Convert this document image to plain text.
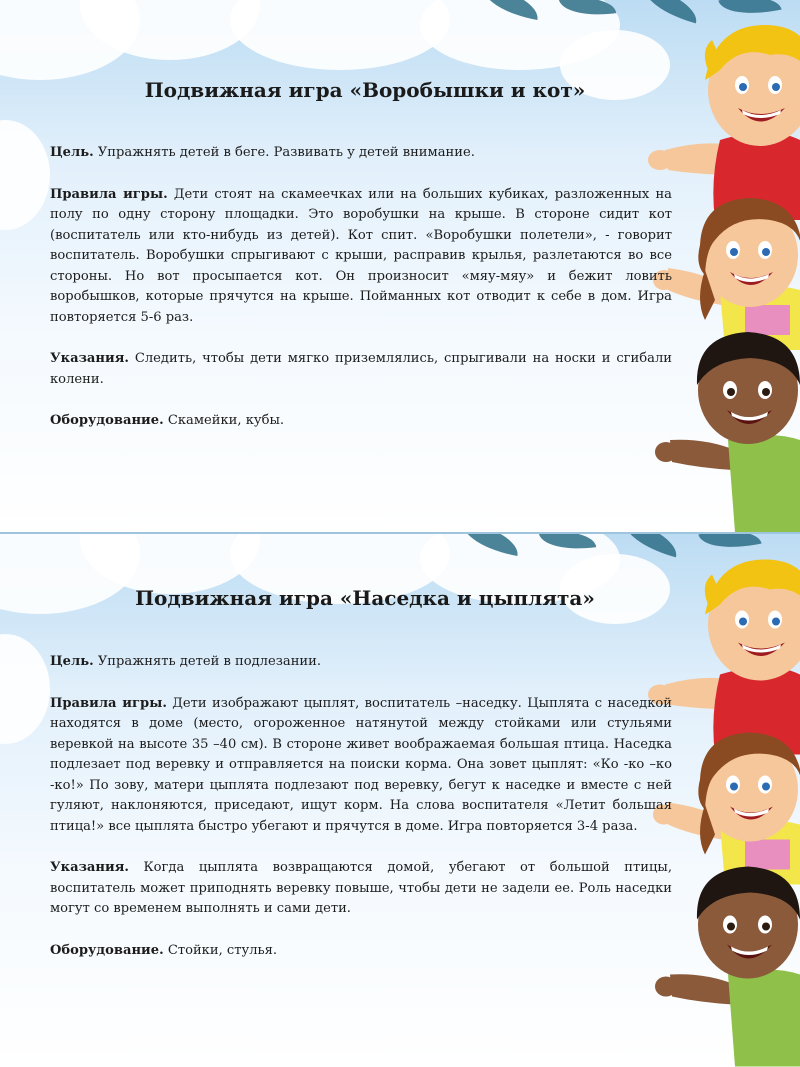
Подвижная игра «Воробышки и кот»

Цель. Упражнять детей в беге. Развивать у детей внимание.

Правила игры. Дети стоят на скамеечках или на больших кубиках, разложенных на полу по одну сторону площадки. Это воробушки на крыше. В стороне сидит кот (воспитатель или кто-нибудь из детей). Кот спит. «Воробушки полетели», - говорит воспитатель. Воробушки спрыгивают с крыши, расправив крылья, разлетаются во все стороны. Но вот просыпается кот. Он произносит «мяу-мяу» и бежит ловить воробышков, которые прячутся на крыше. Пойманных кот отводит к себе в дом. Игра повторяется 5-6 раз.

Указания. Следить, чтобы дети мягко приземлялись, спрыгивали на носки и сгибали колени.

Оборудование. Скамейки, кубы.

Подвижная игра «Наседка и цыплята»

Цель. Упражнять детей в подлезании.

Правила игры. Дети изображают цыплят, воспитатель –наседку. Цыплята с наседкой находятся в доме (место, огороженное натянутой между стойками или стульями веревкой на высоте 35 –40 см). В стороне живет воображаемая большая птица. Наседка подлезает под веревку и отправляется на поиски корма. Она зовет цыплят: «Ко -ко –ко -ко!» По зову, матери цыплята подлезают под веревку, бегут к наседке и вместе с ней гуляют, наклоняются, приседают, ищут корм. На слова воспитателя «Летит большая птица!» все цыплята быстро убегают и прячутся в доме. Игра повторяется 3-4 раза.

Указания. Когда цыплята возвращаются домой, убегают от большой птицы, воспитатель может приподнять веревку повыше, чтобы дети не задели ее. Роль наседки могут со временем выполнять и сами дети.

Оборудование. Стойки, стулья.
